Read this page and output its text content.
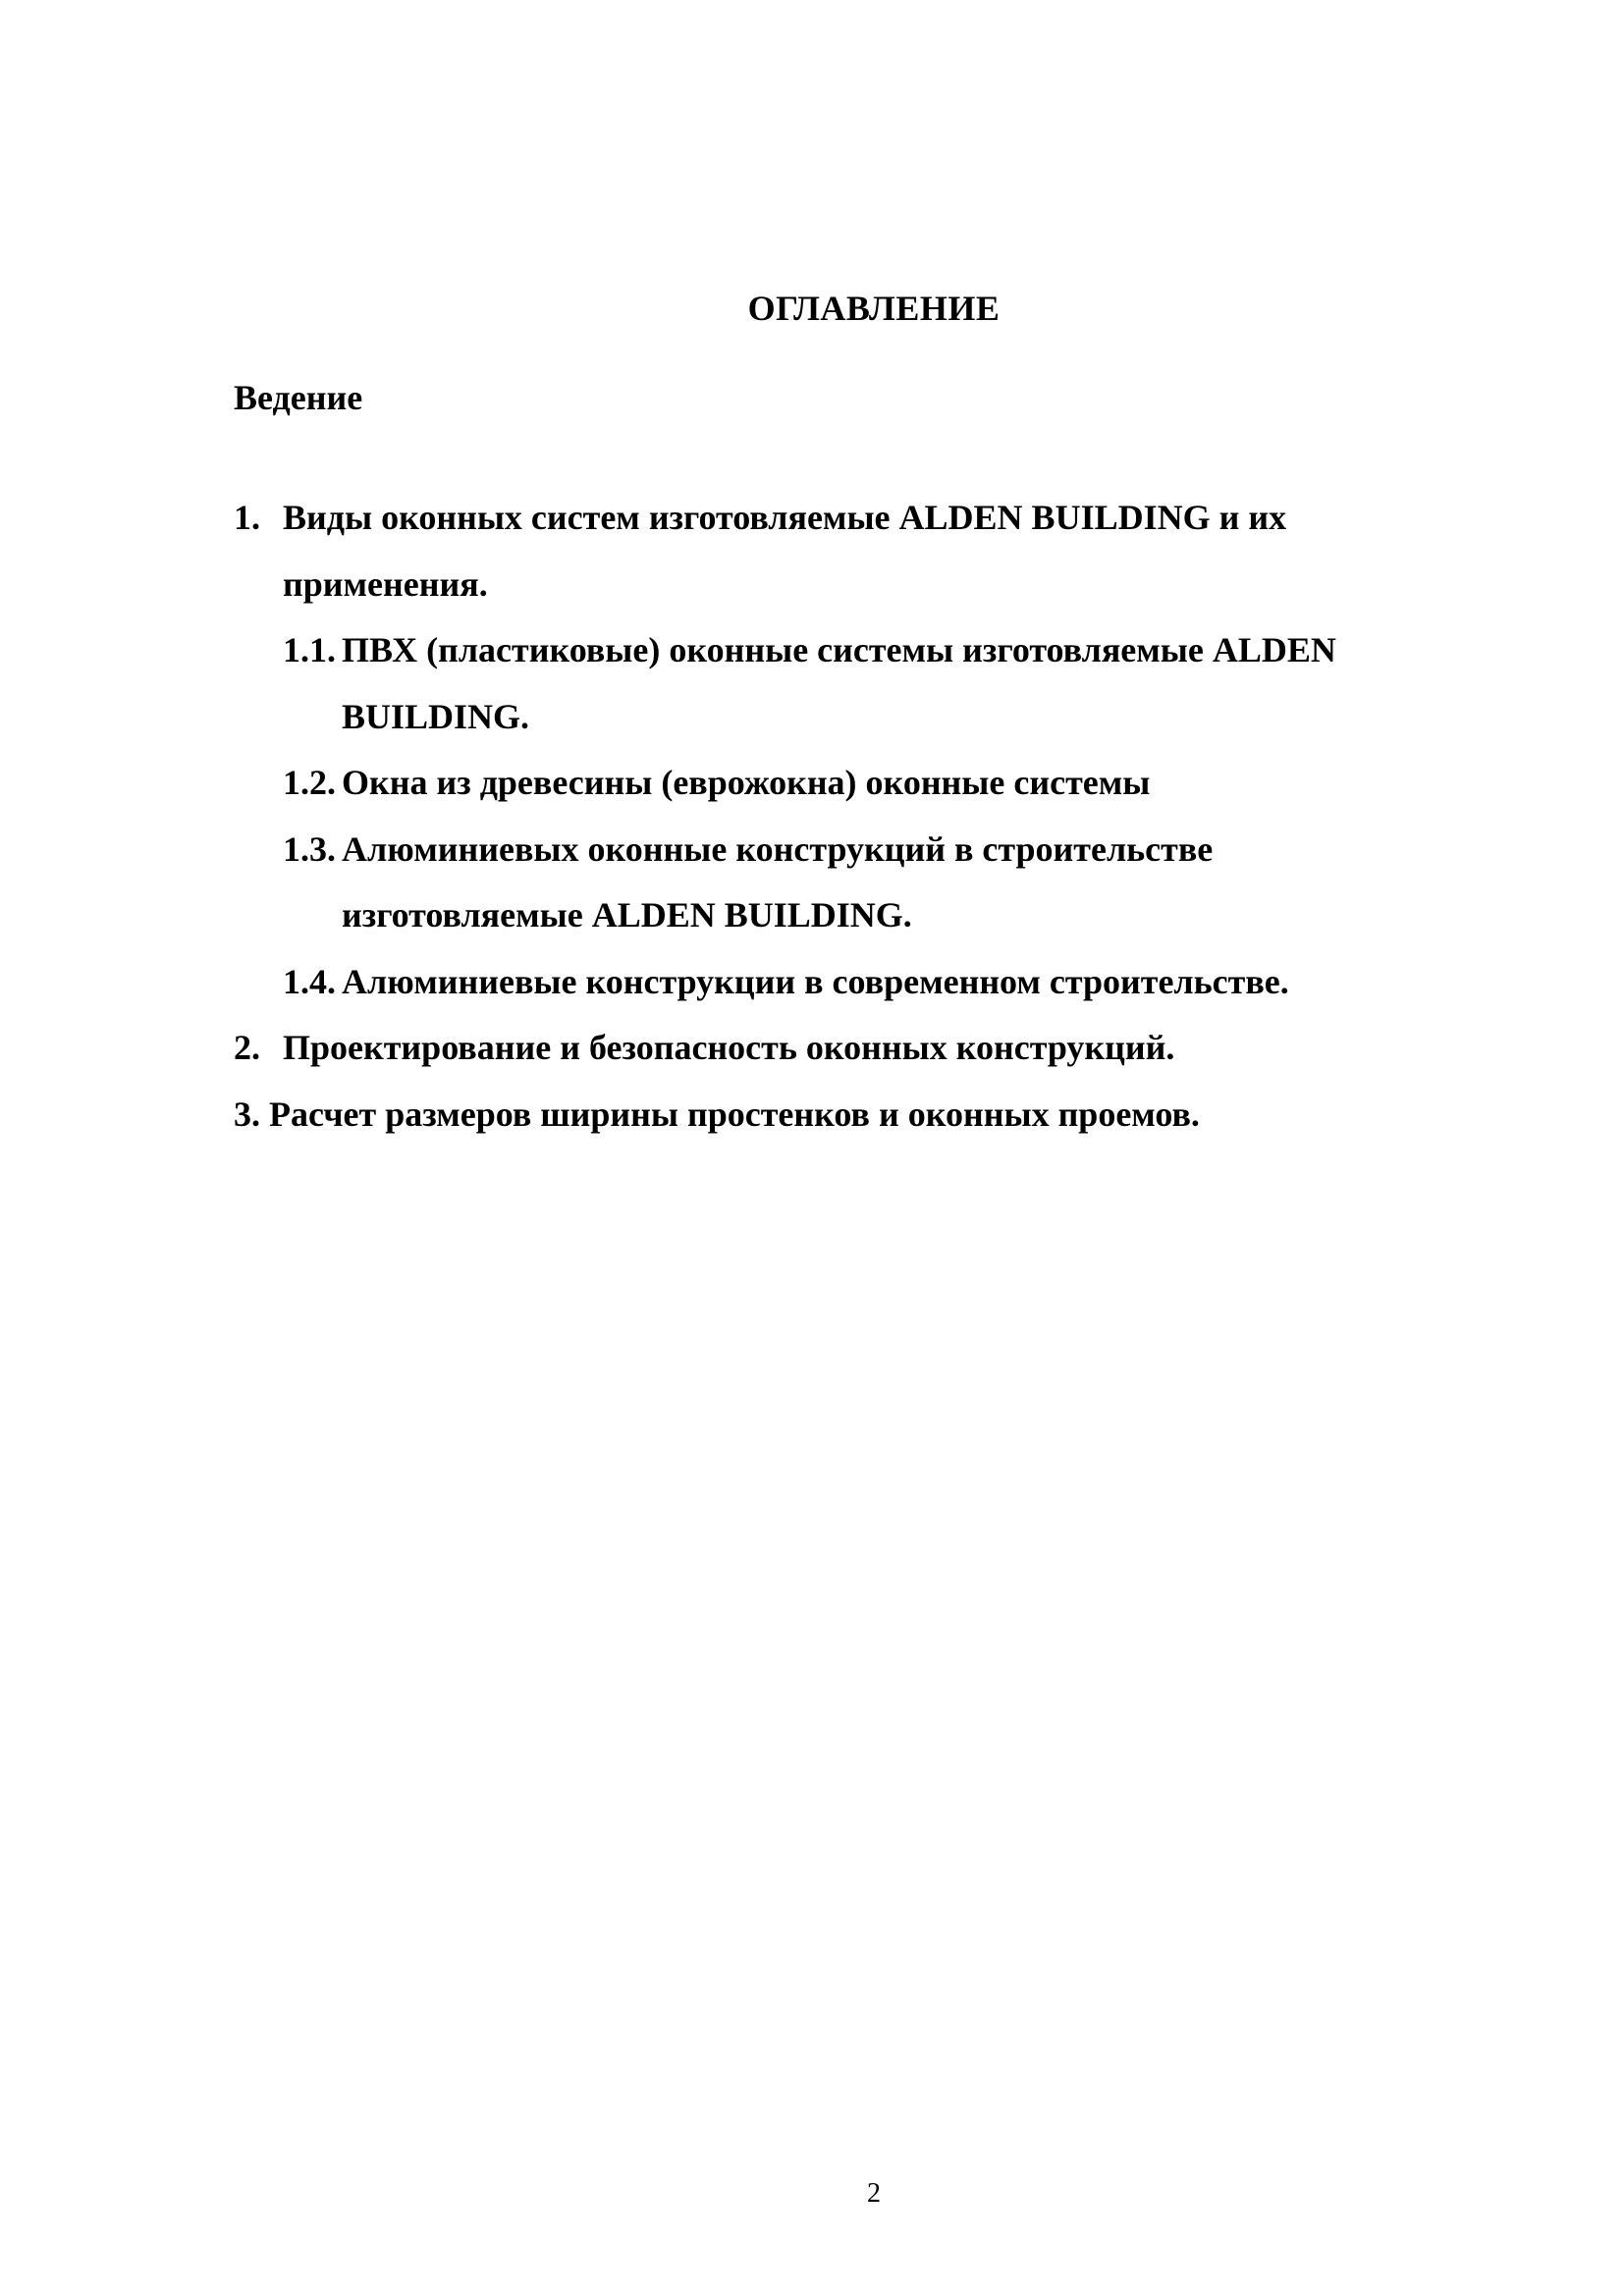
ОГЛАВЛЕНИЕ
Ведение
1. Виды оконных систем изготовляемые ALDEN BUILDING и их
применения.
1.1. ПВХ (пластиковые) оконные системы изготовляемые ALDEN
BUILDING.
1.2. Окна из древесины (еврожокна) оконные системы
1.3. Алюминиевых оконные конструкций в строительстве
изготовляемые ALDEN BUILDING.
1.4. Алюминиевые конструкции в современном строительстве.
2. Проектирование и безопасность оконных конструкций.
3. Расчет размеров ширины простенков и оконных проемов.
2
